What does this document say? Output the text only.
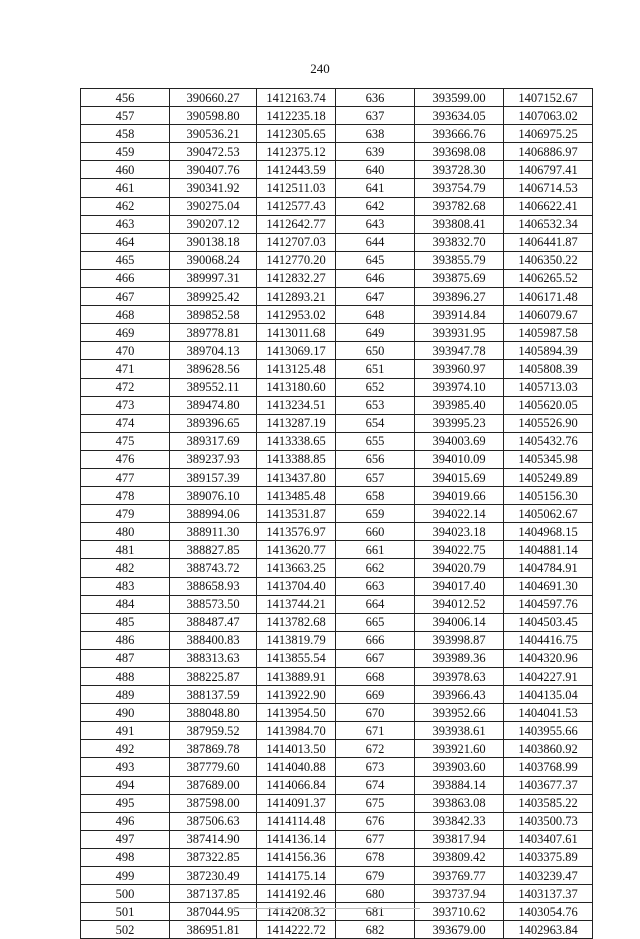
240
456	390660.27	1412163.74	636	393599.00	1407152.67
457	390598.80	1412235.18	637	393634.05	1407063.02
458	390536.21	1412305.65	638	393666.76	1406975.25
459	390472.53	1412375.12	639	393698.08	1406886.97
460	390407.76	1412443.59	640	393728.30	1406797.41
461	390341.92	1412511.03	641	393754.79	1406714.53
462	390275.04	1412577.43	642	393782.68	1406622.41
463	390207.12	1412642.77	643	393808.41	1406532.34
464	390138.18	1412707.03	644	393832.70	1406441.87
465	390068.24	1412770.20	645	393855.79	1406350.22
466	389997.31	1412832.27	646	393875.69	1406265.52
467	389925.42	1412893.21	647	393896.27	1406171.48
468	389852.58	1412953.02	648	393914.84	1406079.67
469	389778.81	1413011.68	649	393931.95	1405987.58
470	389704.13	1413069.17	650	393947.78	1405894.39
471	389628.56	1413125.48	651	393960.97	1405808.39
472	389552.11	1413180.60	652	393974.10	1405713.03
473	389474.80	1413234.51	653	393985.40	1405620.05
474	389396.65	1413287.19	654	393995.23	1405526.90
475	389317.69	1413338.65	655	394003.69	1405432.76
476	389237.93	1413388.85	656	394010.09	1405345.98
477	389157.39	1413437.80	657	394015.69	1405249.89
478	389076.10	1413485.48	658	394019.66	1405156.30
479	388994.06	1413531.87	659	394022.14	1405062.67
480	388911.30	1413576.97	660	394023.18	1404968.15
481	388827.85	1413620.77	661	394022.75	1404881.14
482	388743.72	1413663.25	662	394020.79	1404784.91
483	388658.93	1413704.40	663	394017.40	1404691.30
484	388573.50	1413744.21	664	394012.52	1404597.76
485	388487.47	1413782.68	665	394006.14	1404503.45
486	388400.83	1413819.79	666	393998.87	1404416.75
487	388313.63	1413855.54	667	393989.36	1404320.96
488	388225.87	1413889.91	668	393978.63	1404227.91
489	388137.59	1413922.90	669	393966.43	1404135.04
490	388048.80	1413954.50	670	393952.66	1404041.53
491	387959.52	1413984.70	671	393938.61	1403955.66
492	387869.78	1414013.50	672	393921.60	1403860.92
493	387779.60	1414040.88	673	393903.60	1403768.99
494	387689.00	1414066.84	674	393884.14	1403677.37
495	387598.00	1414091.37	675	393863.08	1403585.22
496	387506.63	1414114.48	676	393842.33	1403500.73
497	387414.90	1414136.14	677	393817.94	1403407.61
498	387322.85	1414156.36	678	393809.42	1403375.89
499	387230.49	1414175.14	679	393769.77	1403239.47
500	387137.85	1414192.46	680	393737.94	1403137.37
501	387044.95	1414208.32	681	393710.62	1403054.76
502	386951.81	1414222.72	682	393679.00	1402963.84
